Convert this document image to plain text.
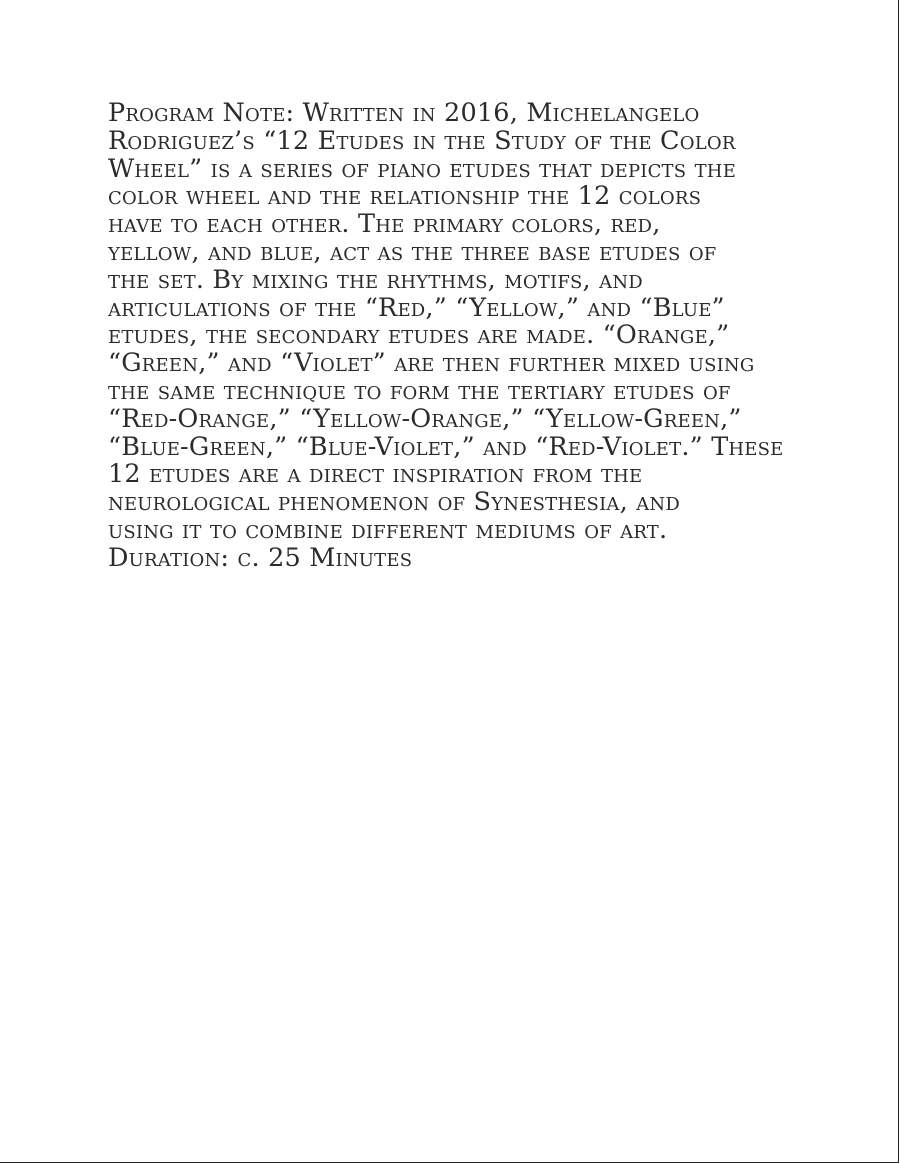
Program Note: Written in 2016, Michelangelo
Rodriguez’s “12 Etudes in the Study of the Color
Wheel” is a series of piano etudes that depicts the
color wheel and the relationship the 12 colors
have to each other. The primary colors, red,
yellow, and blue, act as the three base etudes of
the set. By mixing the rhythms, motifs, and
articulations of the “Red,” “Yellow,” and “Blue”
etudes, the secondary etudes are made. “Orange,”
“Green,” and “Violet” are then further mixed using
the same technique to form the tertiary etudes of
“Red-Orange,” “Yellow-Orange,” “Yellow-Green,”
“Blue-Green,” “Blue-Violet,” and “Red-Violet.” These
12 etudes are a direct inspiration from the
neurological phenomenon of Synesthesia, and
using it to combine different mediums of art.
Duration: c. 25 Minutes
